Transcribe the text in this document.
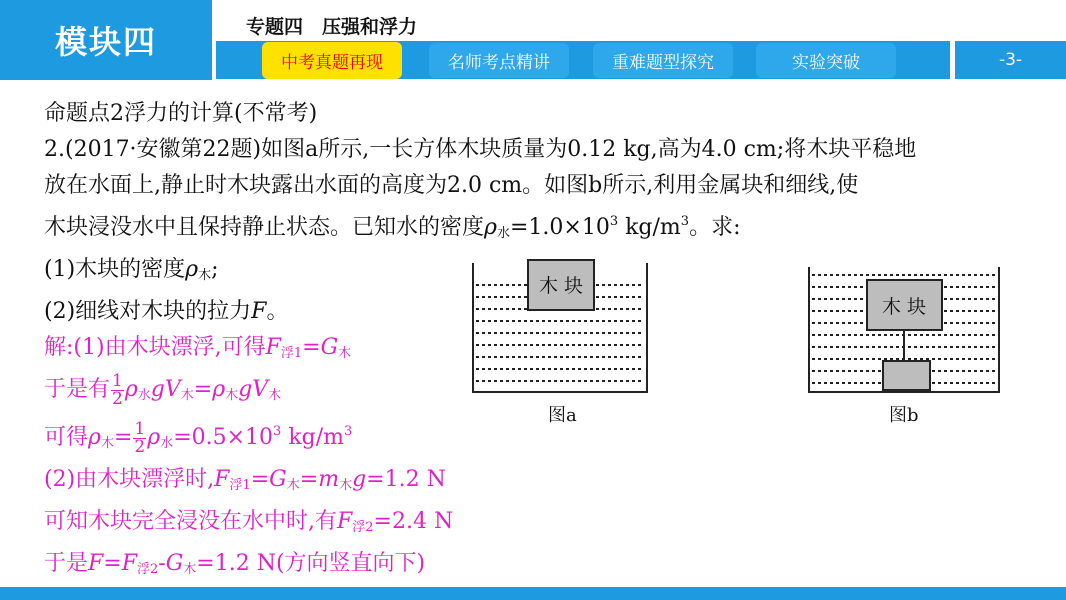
模块四	专题四　压强和浮力
中考真题再现	名师考点精讲	重难题型探究	实验突破	-3-
命题点2浮力的计算(不常考)
2.(2017·安徽第22题)如图a所示,一长方体木块质量为0.12 kg,高为4.0 cm;将木块平稳地
放在水面上,静止时木块露出水面的高度为2.0 cm。如图b所示,利用金属块和细线,使
木块浸没水中且保持静止状态。已知水的密度$\rho_水=1.0\times 10^3$ $kg/m^3$。求:
(1)木块的密度$\rho_木$;
(2)细线对木块的拉力F。
解:(1)由木块漂浮,可得$F_{浮1}=G_木$
于是有 $\frac{1}{2} \rho_水gV_木=\rho_木gV_木$
可得$\rho_木= \frac{1}{2} \rho_水=0.5\times 10^3$ $kg/m^3$
(2)由木块漂浮时$,F_{浮1}=G_木=m_木g=1.2$ N
可知木块完全浸没在水中时,有$F_{浮2}=2.4$ N
于是$F=F_{浮2}-G_木=1.2$ N(方向竖直向下)
木 块
图a
木 块
图b
